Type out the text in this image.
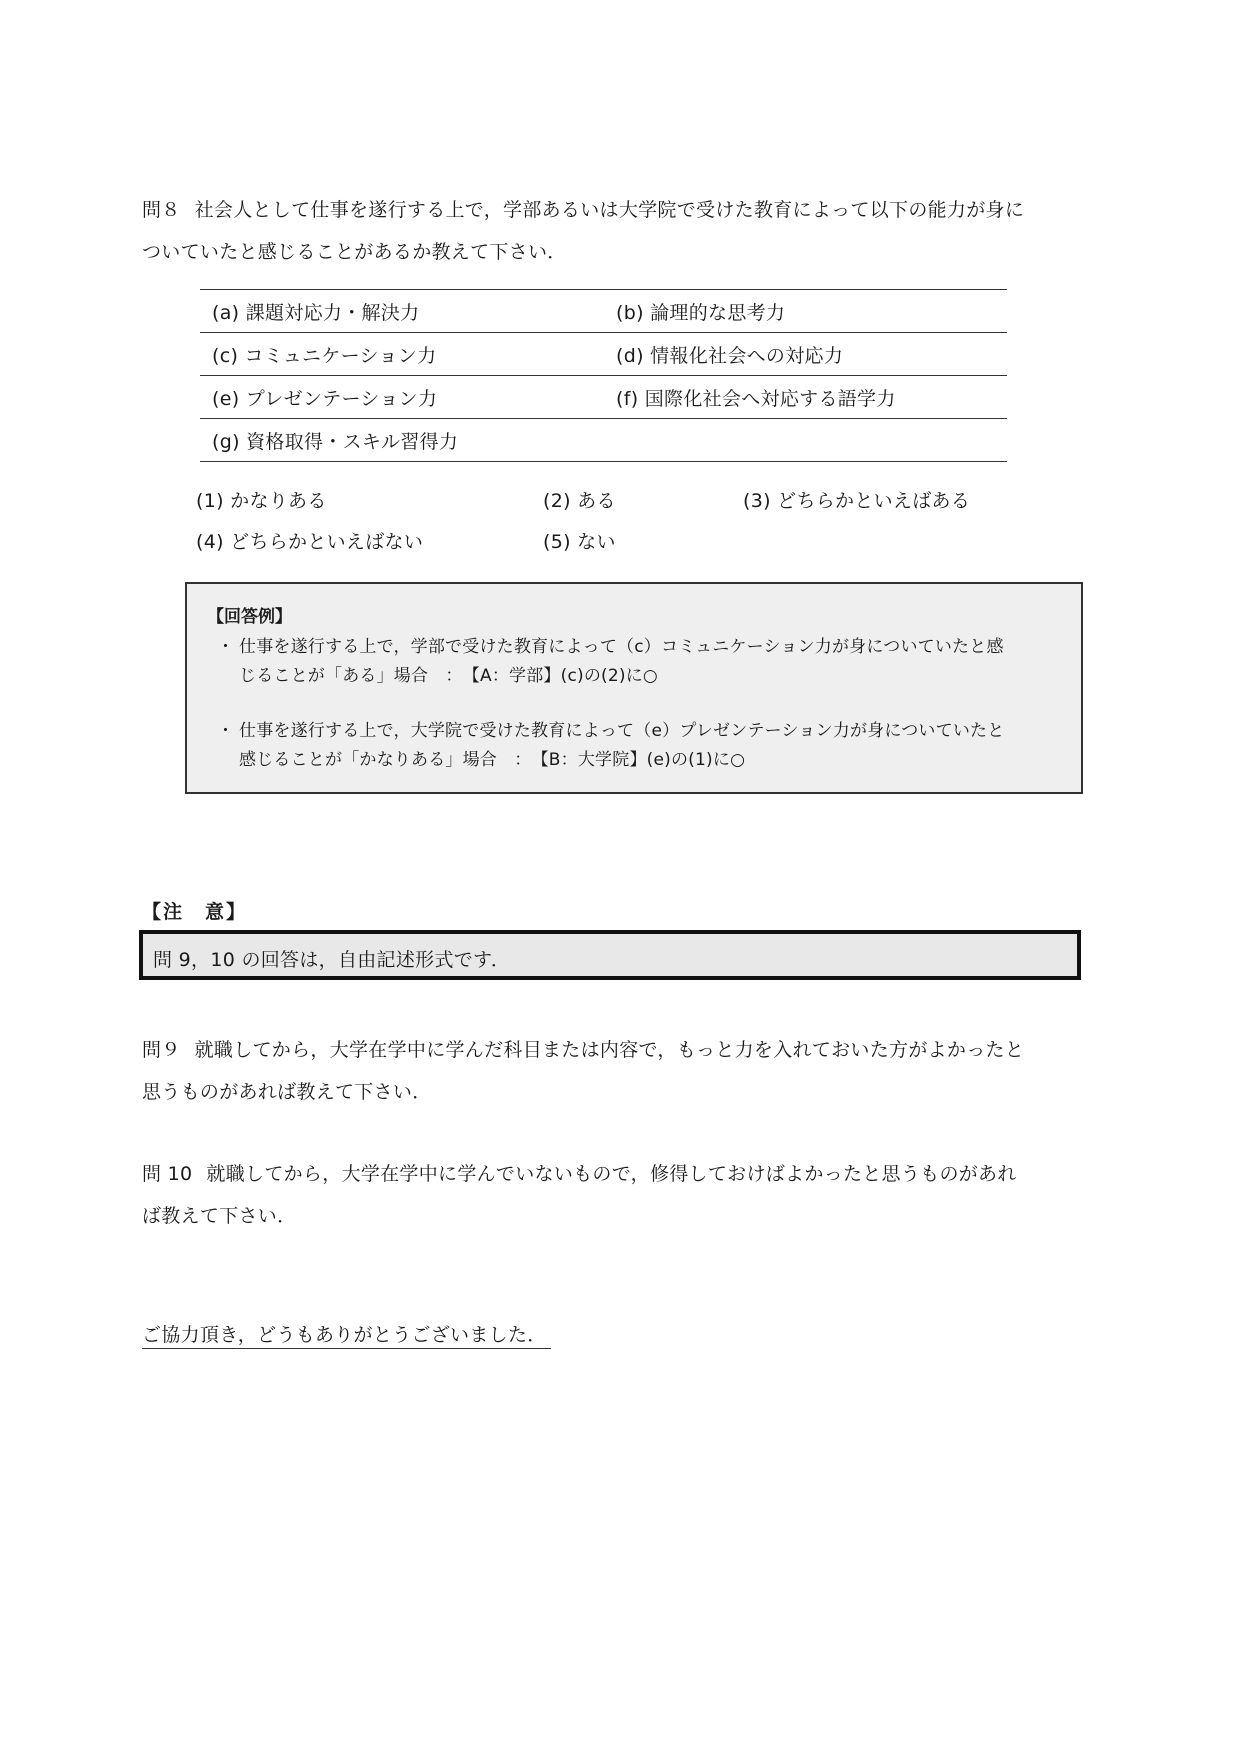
問８ 社会人として仕事を遂行する上で，学部あるいは大学院で受けた教育によって以下の能力が身に
ついていたと感じることがあるか教えて下さい．
(a) 課題対応力・解決力	(b) 論理的な思考力
(c) コミュニケーション力	(d) 情報化社会への対応力
(e) プレゼンテーション力	(f) 国際化社会へ対応する語学力
(g) 資格取得・スキル習得力	
(1) かなりある	(2) ある	(3) どちらかといえばある
(4) どちらかといえばない	(5) ない
【回答例】
・ 仕事を遂行する上で，学部で受けた教育によって（c）コミュニケーション力が身についていたと感
じることが「ある」場合　：　【A：学部】(c)の(2)に○
・ 仕事を遂行する上で，大学院で受けた教育によって（e）プレゼンテーション力が身についていたと
感じることが「かなりある」場合　：　【B：大学院】(e)の(1)に○
【注　意】
問 9，10 の回答は，自由記述形式です．
問９ 就職してから，大学在学中に学んだ科目または内容で，もっと力を入れておいた方がよかったと
思うものがあれば教えて下さい．
問 10 就職してから，大学在学中に学んでいないもので，修得しておけばよかったと思うものがあれ
ば教えて下さい．
ご協力頂き，どうもありがとうございました．
